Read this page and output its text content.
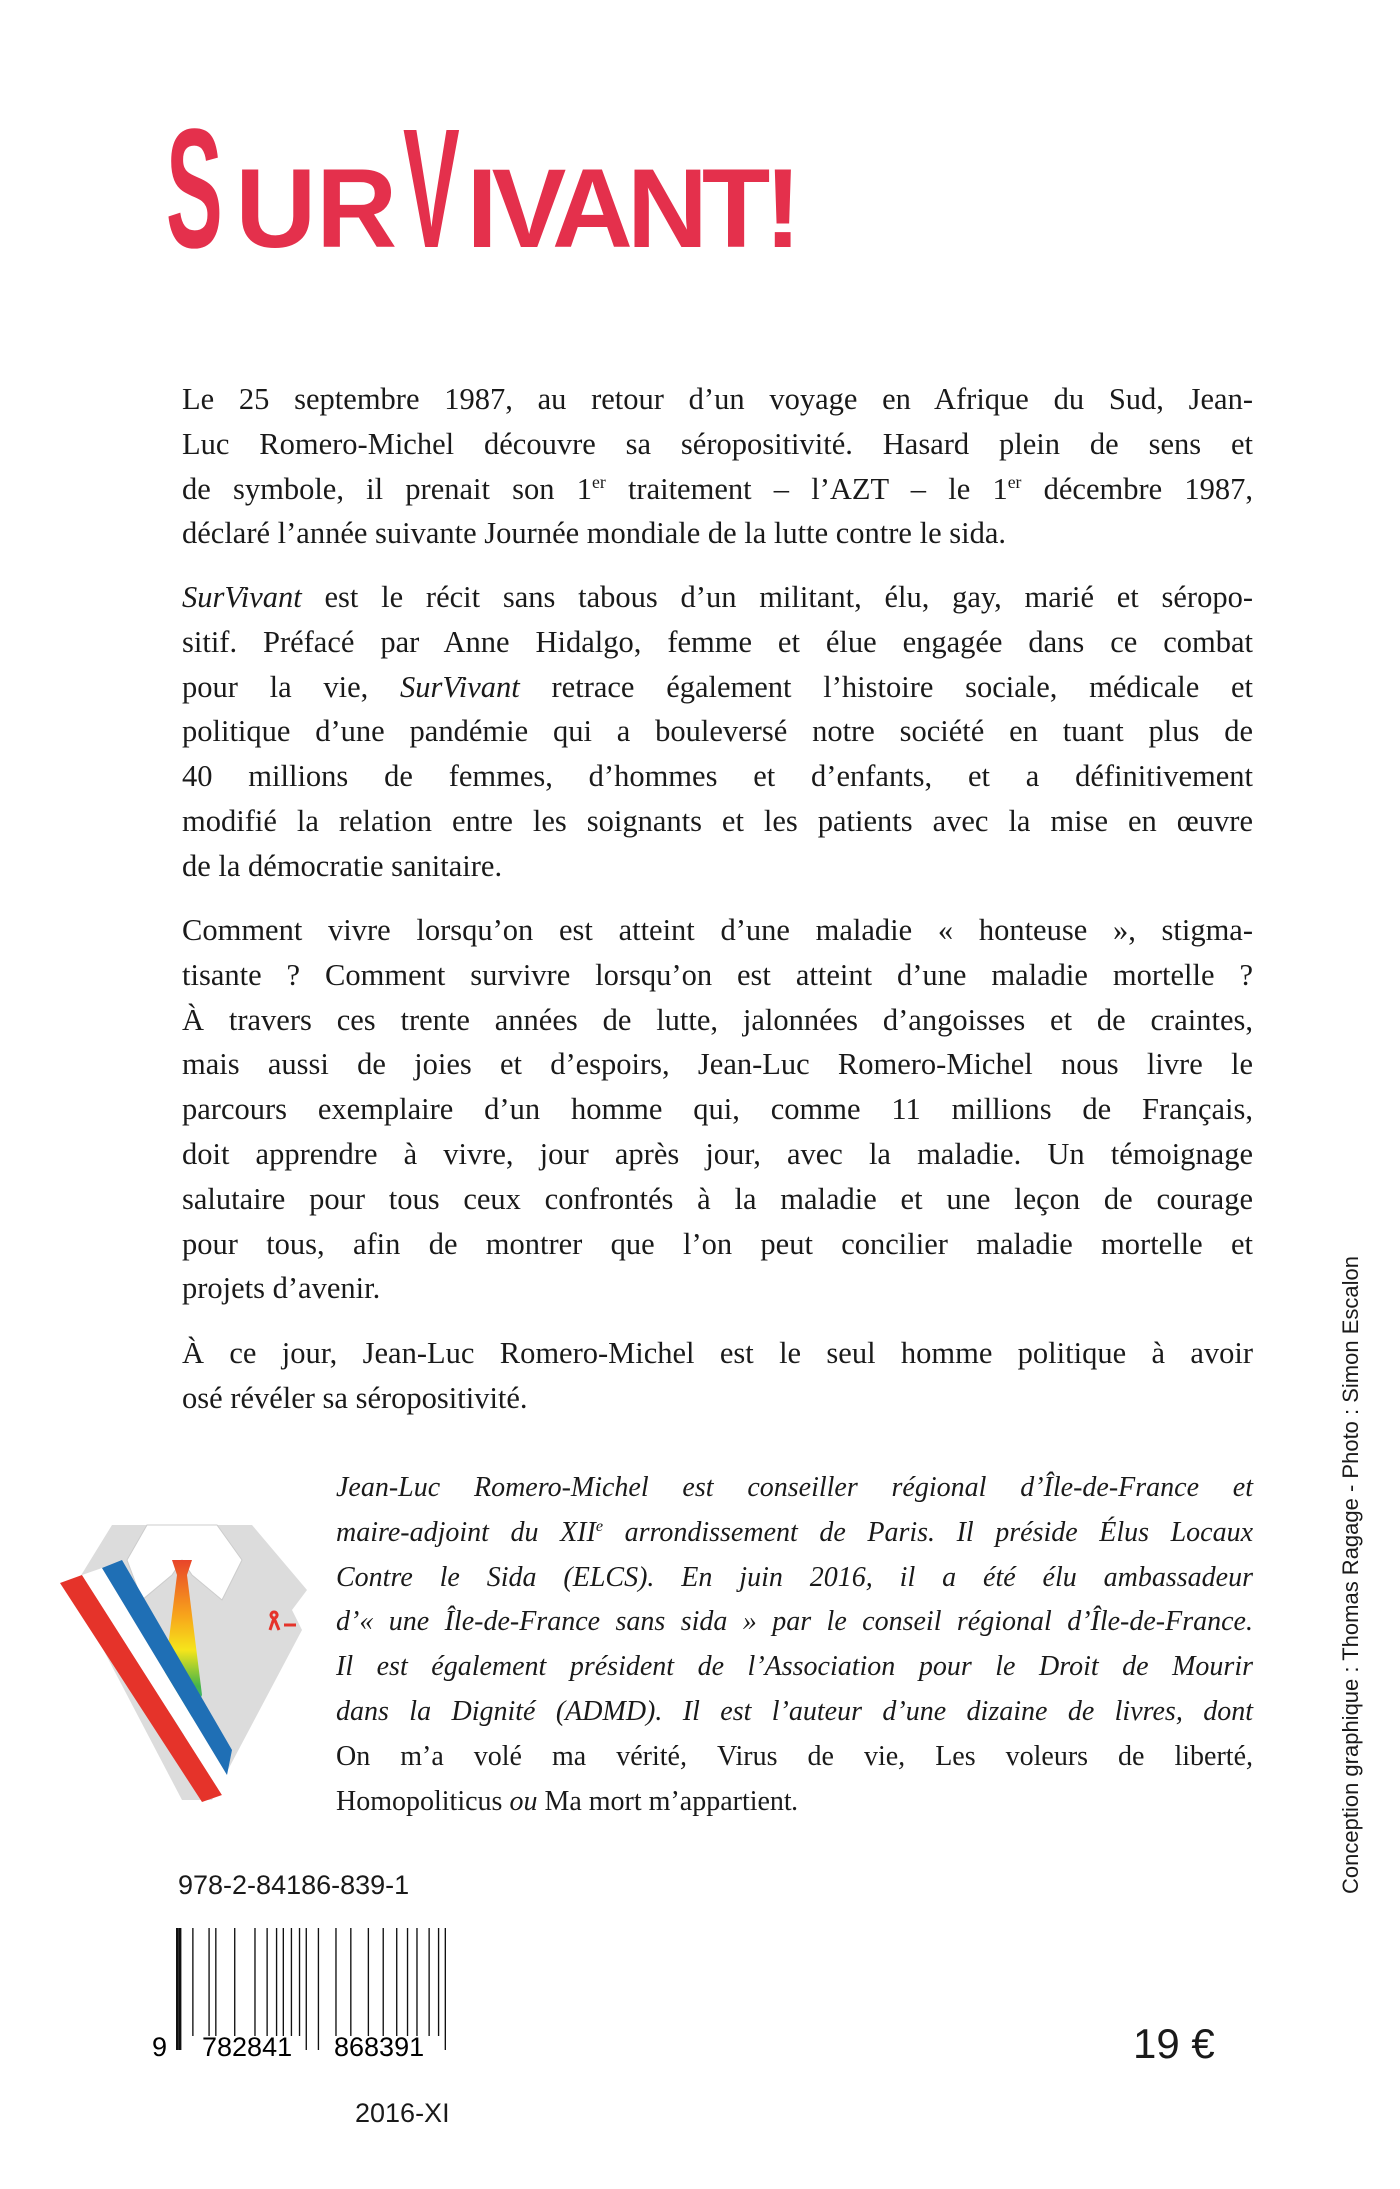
S URVIVANT!
Le 25 septembre 1987, au retour d’un voyage en Afrique du Sud, Jean-
Luc Romero-Michel découvre sa séropositivité. Hasard plein de sens et
de symbole, il prenait son 1er traitement – l’AZT – le 1er décembre 1987,
déclaré l’année suivante Journée mondiale de la lutte contre le sida.
SurVivant est le récit sans tabous d’un militant, élu, gay, marié et séropo-
sitif. Préfacé par Anne Hidalgo, femme et élue engagée dans ce combat
pour la vie, SurVivant retrace également l’histoire sociale, médicale et
politique d’une pandémie qui a bouleversé notre société en tuant plus de
40 millions de femmes, d’hommes et d’enfants, et a définitivement
modifié la relation entre les soignants et les patients avec la mise en œuvre
de la démocratie sanitaire.
Comment vivre lorsqu’on est atteint d’une maladie « honteuse », stigma-
tisante ? Comment survivre lorsqu’on est atteint d’une maladie mortelle ?
À travers ces trente années de lutte, jalonnées d’angoisses et de craintes,
mais aussi de joies et d’espoirs, Jean-Luc Romero-Michel nous livre le
parcours exemplaire d’un homme qui, comme 11 millions de Français,
doit apprendre à vivre, jour après jour, avec la maladie. Un témoignage
salutaire pour tous ceux confrontés à la maladie et une leçon de courage
pour tous, afin de montrer que l’on peut concilier maladie mortelle et
projets d’avenir.
À ce jour, Jean-Luc Romero-Michel est le seul homme politique à avoir
osé révéler sa séropositivité.
Jean-Luc Romero-Michel est conseiller régional d’Île-de-France et
maire-adjoint du XIIe arrondissement de Paris. Il préside Élus Locaux
Contre le Sida (ELCS). En juin 2016, il a été élu ambassadeur
d’« une Île-de-France sans sida » par le conseil régional d’Île-de-France.
Il est également président de l’Association pour le Droit de Mourir
dans la Dignité (ADMD). Il est l’auteur d’une dizaine de livres, dont
On m’a volé ma vérité, Virus de vie, Les voleurs de liberté,
Homopoliticus ou Ma mort m’appartient.
978-2-84186-839-1
9 782841 868391
2016-XI
19 €
Conception graphique : Thomas Ragage - Photo : Simon Escalon
